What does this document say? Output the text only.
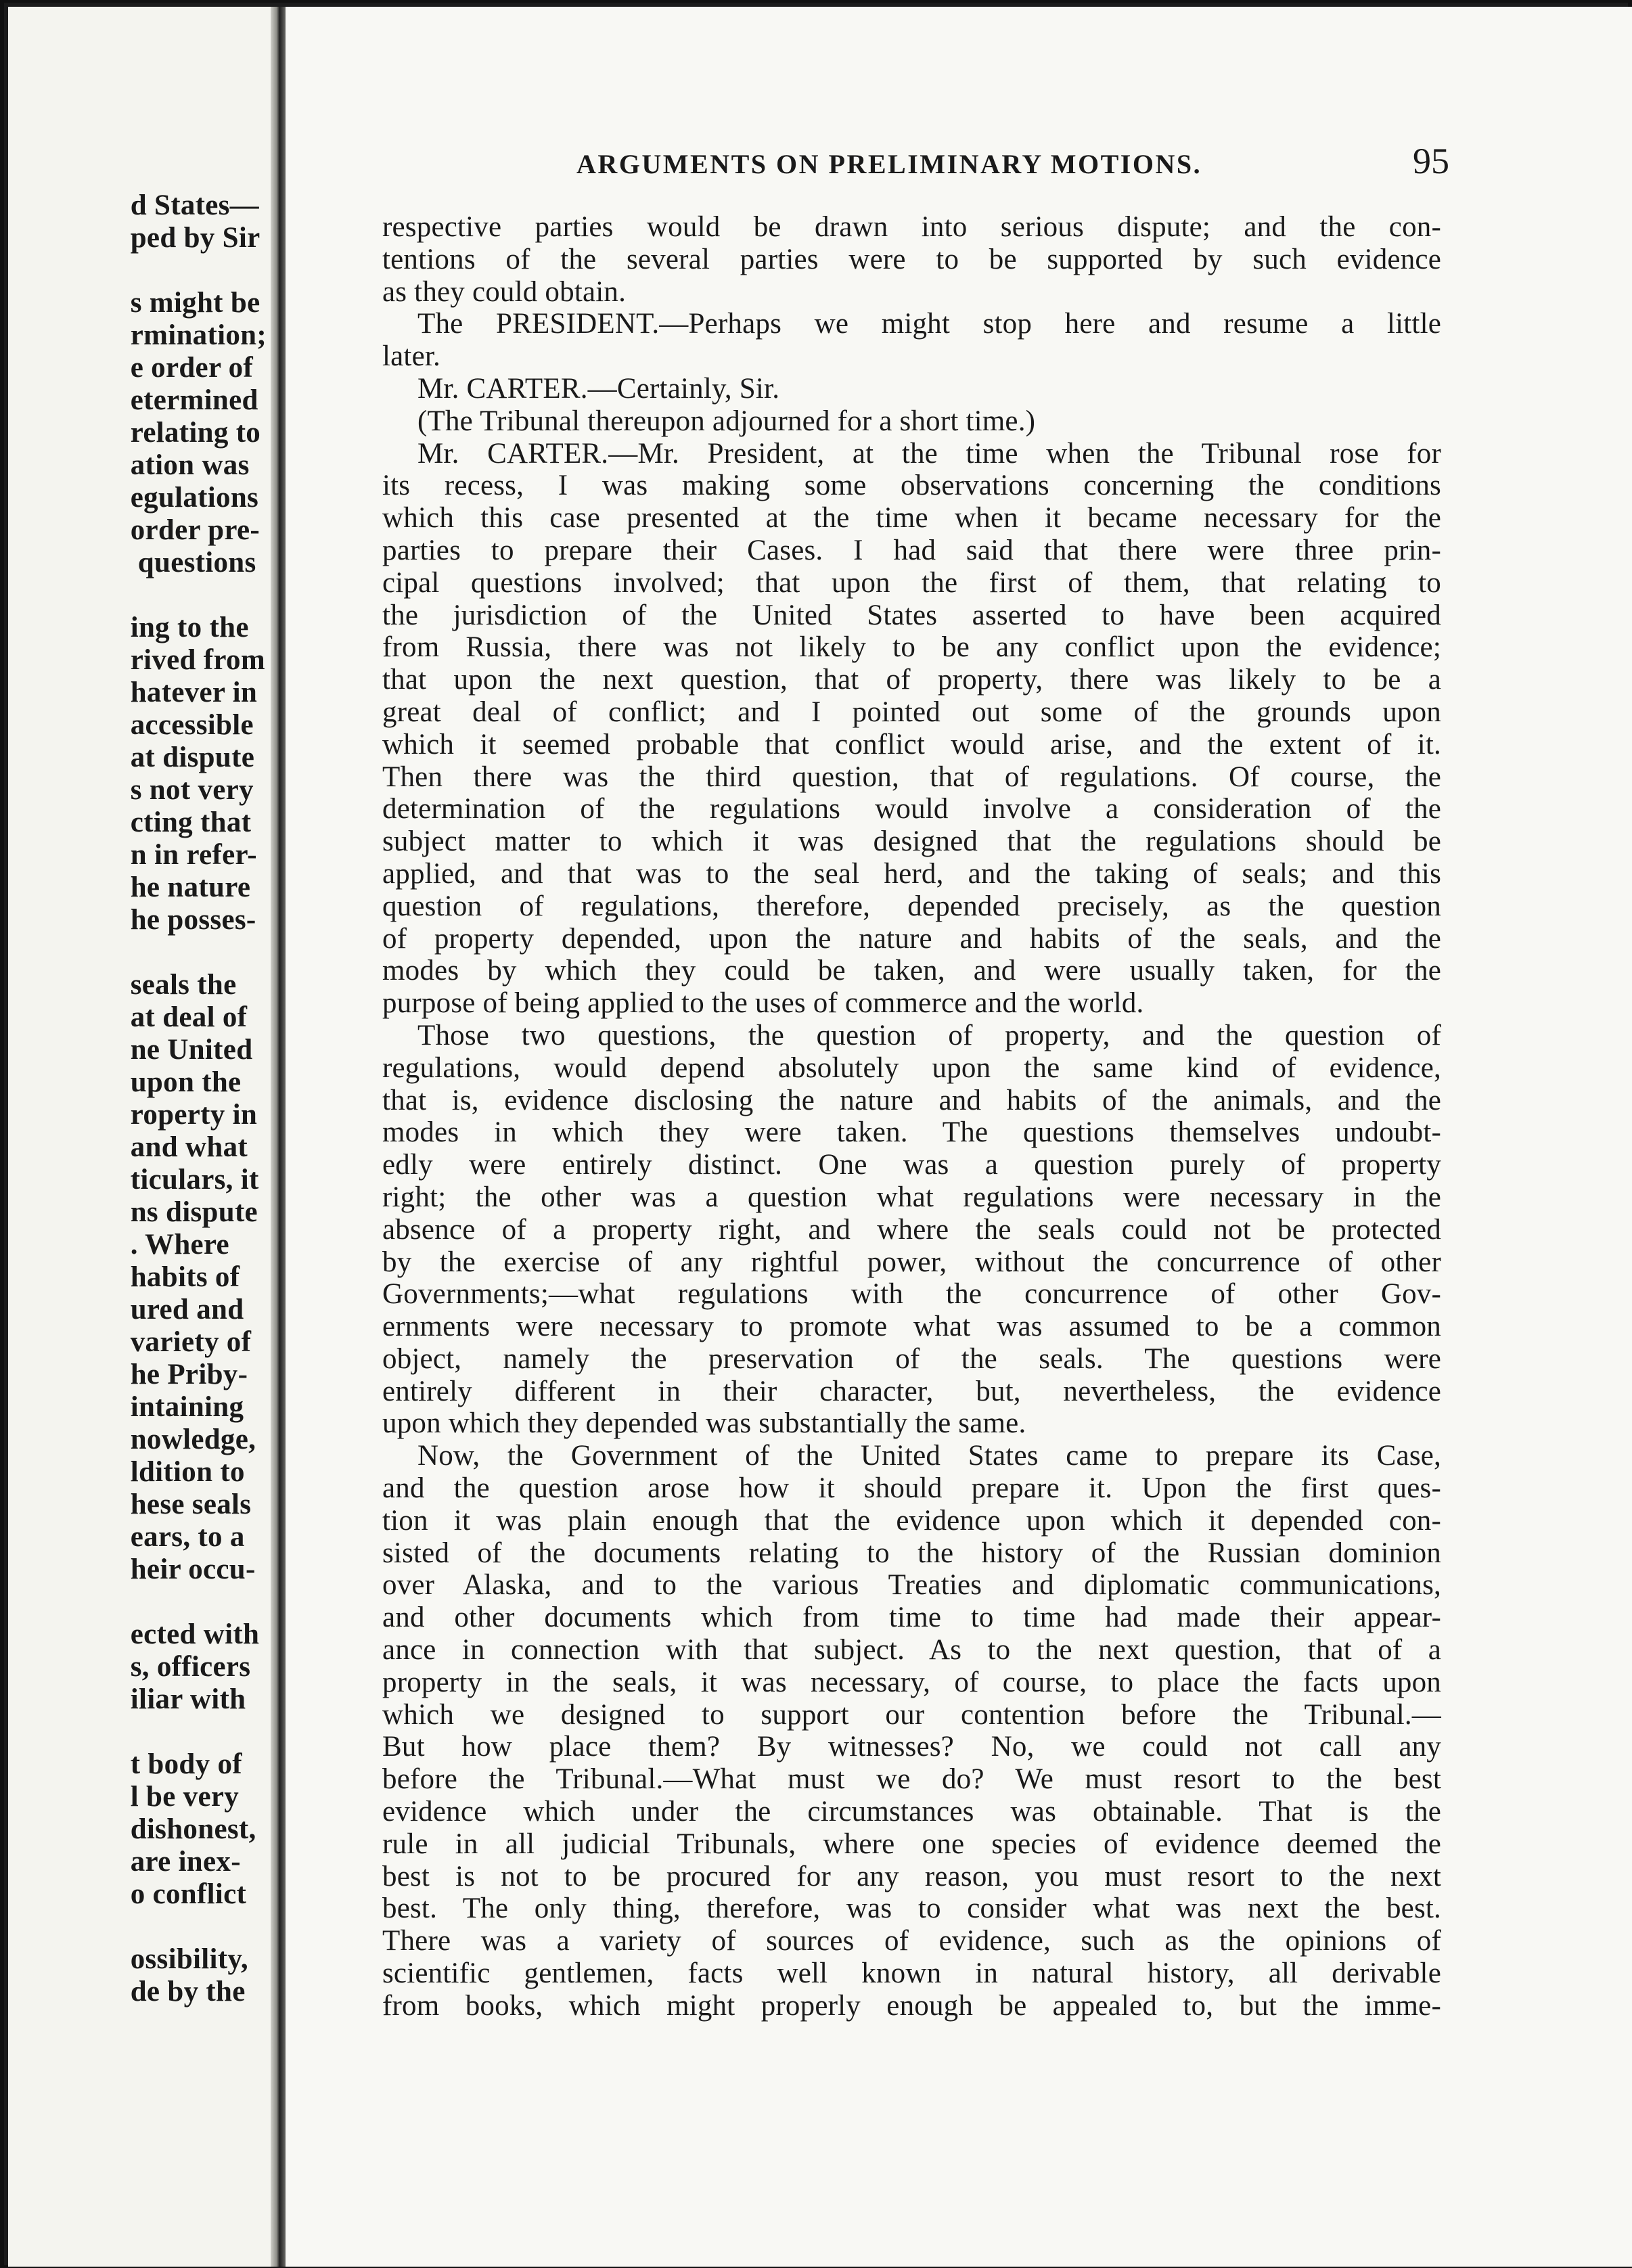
d States—
ped by Sir

s might be
rmination;
e order of
etermined
relating to
ation was
egulations
order pre-
questions

ing to the
rived from
hatever in
accessible
at dispute
s not very
cting that
n in refer-
he nature
he posses-

seals the
at deal of
ne United
upon the
roperty in
and what
ticulars, it
ns dispute
. Where
habits of
ured and
variety of
he Priby-
intaining
nowledge,
ldition to
hese seals
ears, to a
heir occu-

ected with
s, officers
iliar with

t body of
l be very
dishonest,
are inex-
o conflict

ossibility,
de by the
respective parties would be drawn into serious dispute; and the con-
tentions of the several parties were to be supported by such evidence
as they could obtain.
The PRESIDENT.—Perhaps we might stop here and resume a little
later.
Mr. CARTER.—Certainly, Sir.
(The Tribunal thereupon adjourned for a short time.)
Mr. CARTER.—Mr. President, at the time when the Tribunal rose for
its recess, I was making some observations concerning the conditions
which this case presented at the time when it became necessary for the
parties to prepare their Cases. I had said that there were three prin-
cipal questions involved; that upon the first of them, that relating to
the jurisdiction of the United States asserted to have been acquired
from Russia, there was not likely to be any conflict upon the evidence;
that upon the next question, that of property, there was likely to be a
great deal of conflict; and I pointed out some of the grounds upon
which it seemed probable that conflict would arise, and the extent of it.
Then there was the third question, that of regulations. Of course, the
determination of the regulations would involve a consideration of the
subject matter to which it was designed that the regulations should be
applied, and that was to the seal herd, and the taking of seals; and this
question of regulations, therefore, depended precisely, as the question
of property depended, upon the nature and habits of the seals, and the
modes by which they could be taken, and were usually taken, for the
purpose of being applied to the uses of commerce and the world.
Those two questions, the question of property, and the question of
regulations, would depend absolutely upon the same kind of evidence,
that is, evidence disclosing the nature and habits of the animals, and the
modes in which they were taken. The questions themselves undoubt-
edly were entirely distinct. One was a question purely of property
right; the other was a question what regulations were necessary in the
absence of a property right, and where the seals could not be protected
by the exercise of any rightful power, without the concurrence of other
Governments;—what regulations with the concurrence of other Gov-
ernments were necessary to promote what was assumed to be a common
object, namely the preservation of the seals. The questions were
entirely different in their character, but, nevertheless, the evidence
upon which they depended was substantially the same.
Now, the Government of the United States came to prepare its Case,
and the question arose how it should prepare it. Upon the first ques-
tion it was plain enough that the evidence upon which it depended con-
sisted of the documents relating to the history of the Russian dominion
over Alaska, and to the various Treaties and diplomatic communications,
and other documents which from time to time had made their appear-
ance in connection with that subject. As to the next question, that of a
property in the seals, it was necessary, of course, to place the facts upon
which we designed to support our contention before the Tribunal.—
But how place them? By witnesses? No, we could not call any
before the Tribunal.—What must we do? We must resort to the best
evidence which under the circumstances was obtainable. That is the
rule in all judicial Tribunals, where one species of evidence deemed the
best is not to be procured for any reason, you must resort to the next
best. The only thing, therefore, was to consider what was next the best.
There was a variety of sources of evidence, such as the opinions of
scientific gentlemen, facts well known in natural history, all derivable
from books, which might properly enough be appealed to, but the imme-
ARGUMENTS ON PRELIMINARY MOTIONS.	95
